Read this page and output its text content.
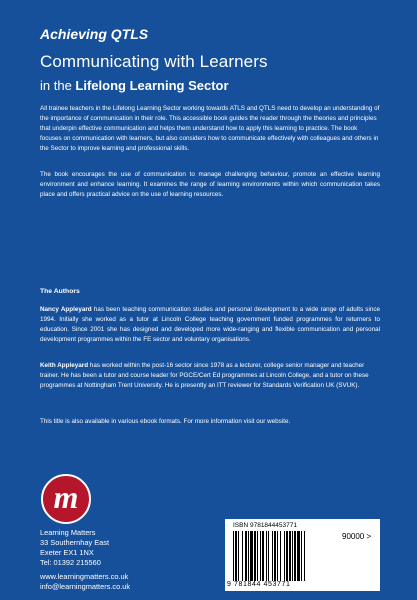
Achieving QTLS
Communicating with Learners
in the Lifelong Learning Sector

All trainee teachers in the Lifelong Learning Sector working towards ATLS and QTLS need to develop an understanding of the importance of communication in their role. This accessible book guides the reader through the theories and principles that underpin effective communication and helps them understand how to apply this learning to practice. The book focuses on communication with learners, but also considers how to communicate effectively with colleagues and others in the Sector to improve learning and professional skills.

The book encourages the use of communication to manage challenging behaviour, promote an effective learning environment and enhance learning. It examines the range of learning environments within which communication takes place and offers practical advice on the use of learning resources.

The Authors

Nancy Appleyard has been teaching communication studies and personal development to a wide range of adults since 1994. Initially she worked as a tutor at Lincoln College teaching government funded programmes for returners to education. Since 2001 she has designed and developed more wide-ranging and flexible communication and personal development programmes within the FE sector and voluntary organisations.

Keith Appleyard has worked within the post-16 sector since 1978 as a lecturer, college senior manager and teacher trainer. He has been a tutor and course leader for PGCE/Cert Ed programmes at Lincoln College, and a tutor on these programmes at Nottingham Trent University. He is presently an ITT reviewer for Standards Verification UK (SVUK).

This title is also available in various ebook formats. For more information visit our website.

m
Learning Matters
33 Southernhay East
Exeter EX1 1NX
Tel: 01392 215560
www.learningmatters.co.uk
info@learningmatters.co.uk
ISBN 9781844453771
90000 >
9 781844 453771
